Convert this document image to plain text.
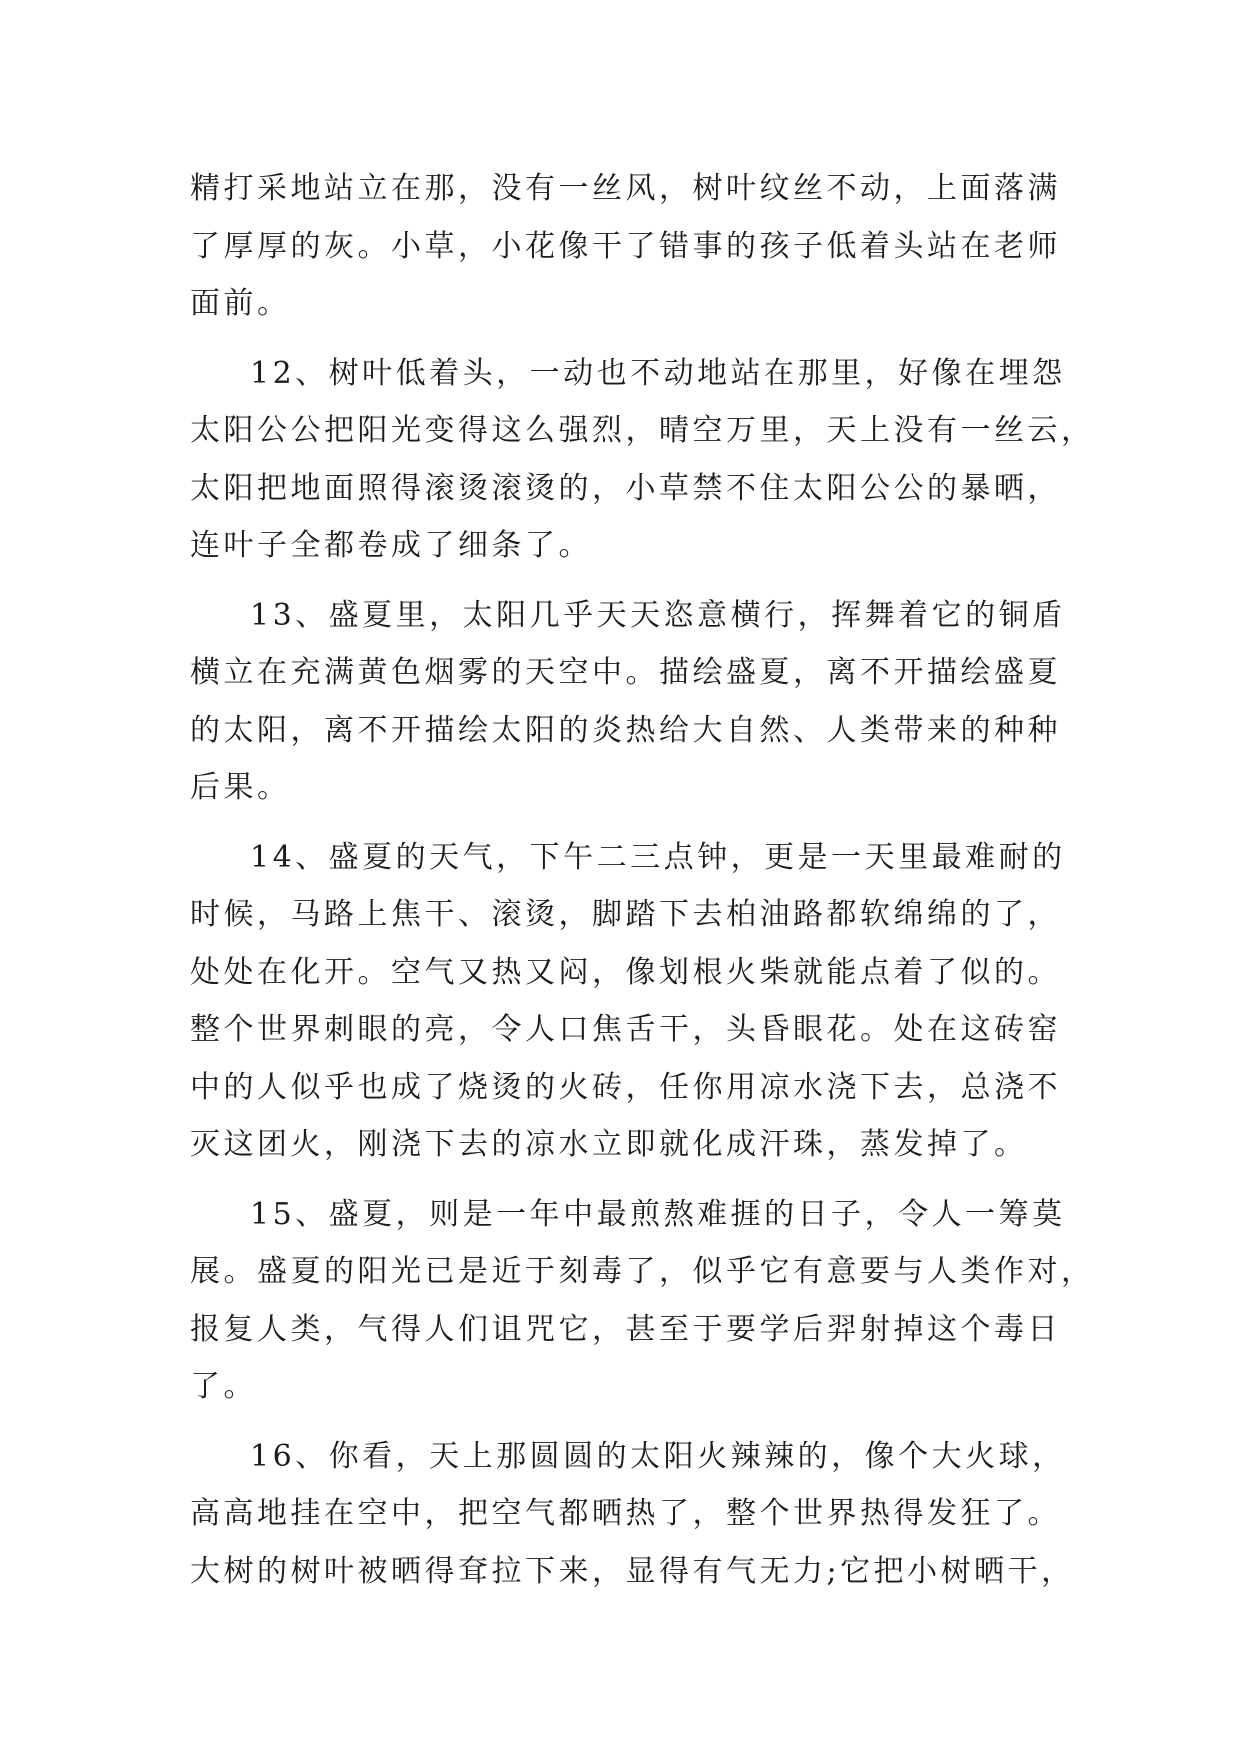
精打采地站立在那，没有一丝风，树叶纹丝不动，上面落满
了厚厚的灰。小草，小花像干了错事的孩子低着头站在老师
面前。
12、树叶低着头，一动也不动地站在那里，好像在埋怨
太阳公公把阳光变得这么强烈，晴空万里，天上没有一丝云，
太阳把地面照得滚烫滚烫的，小草禁不住太阳公公的暴晒，
连叶子全都卷成了细条了。
13、盛夏里，太阳几乎天天恣意横行，挥舞着它的铜盾
横立在充满黄色烟雾的天空中。描绘盛夏，离不开描绘盛夏
的太阳，离不开描绘太阳的炎热给大自然、人类带来的种种
后果。
14、盛夏的天气，下午二三点钟，更是一天里最难耐的
时候，马路上焦干、滚烫，脚踏下去柏油路都软绵绵的了，
处处在化开。空气又热又闷，像划根火柴就能点着了似的。
整个世界刺眼的亮，令人口焦舌干，头昏眼花。处在这砖窑
中的人似乎也成了烧烫的火砖，任你用凉水浇下去，总浇不
灭这团火，刚浇下去的凉水立即就化成汗珠，蒸发掉了。
15、盛夏，则是一年中最煎熬难捱的日子，令人一筹莫
展。盛夏的阳光已是近于刻毒了，似乎它有意要与人类作对，
报复人类，气得人们诅咒它，甚至于要学后羿射掉这个毒日
了。
16、你看，天上那圆圆的太阳火辣辣的，像个大火球，
高高地挂在空中，把空气都晒热了，整个世界热得发狂了。
大树的树叶被晒得耷拉下来，显得有气无力;它把小树晒干，
